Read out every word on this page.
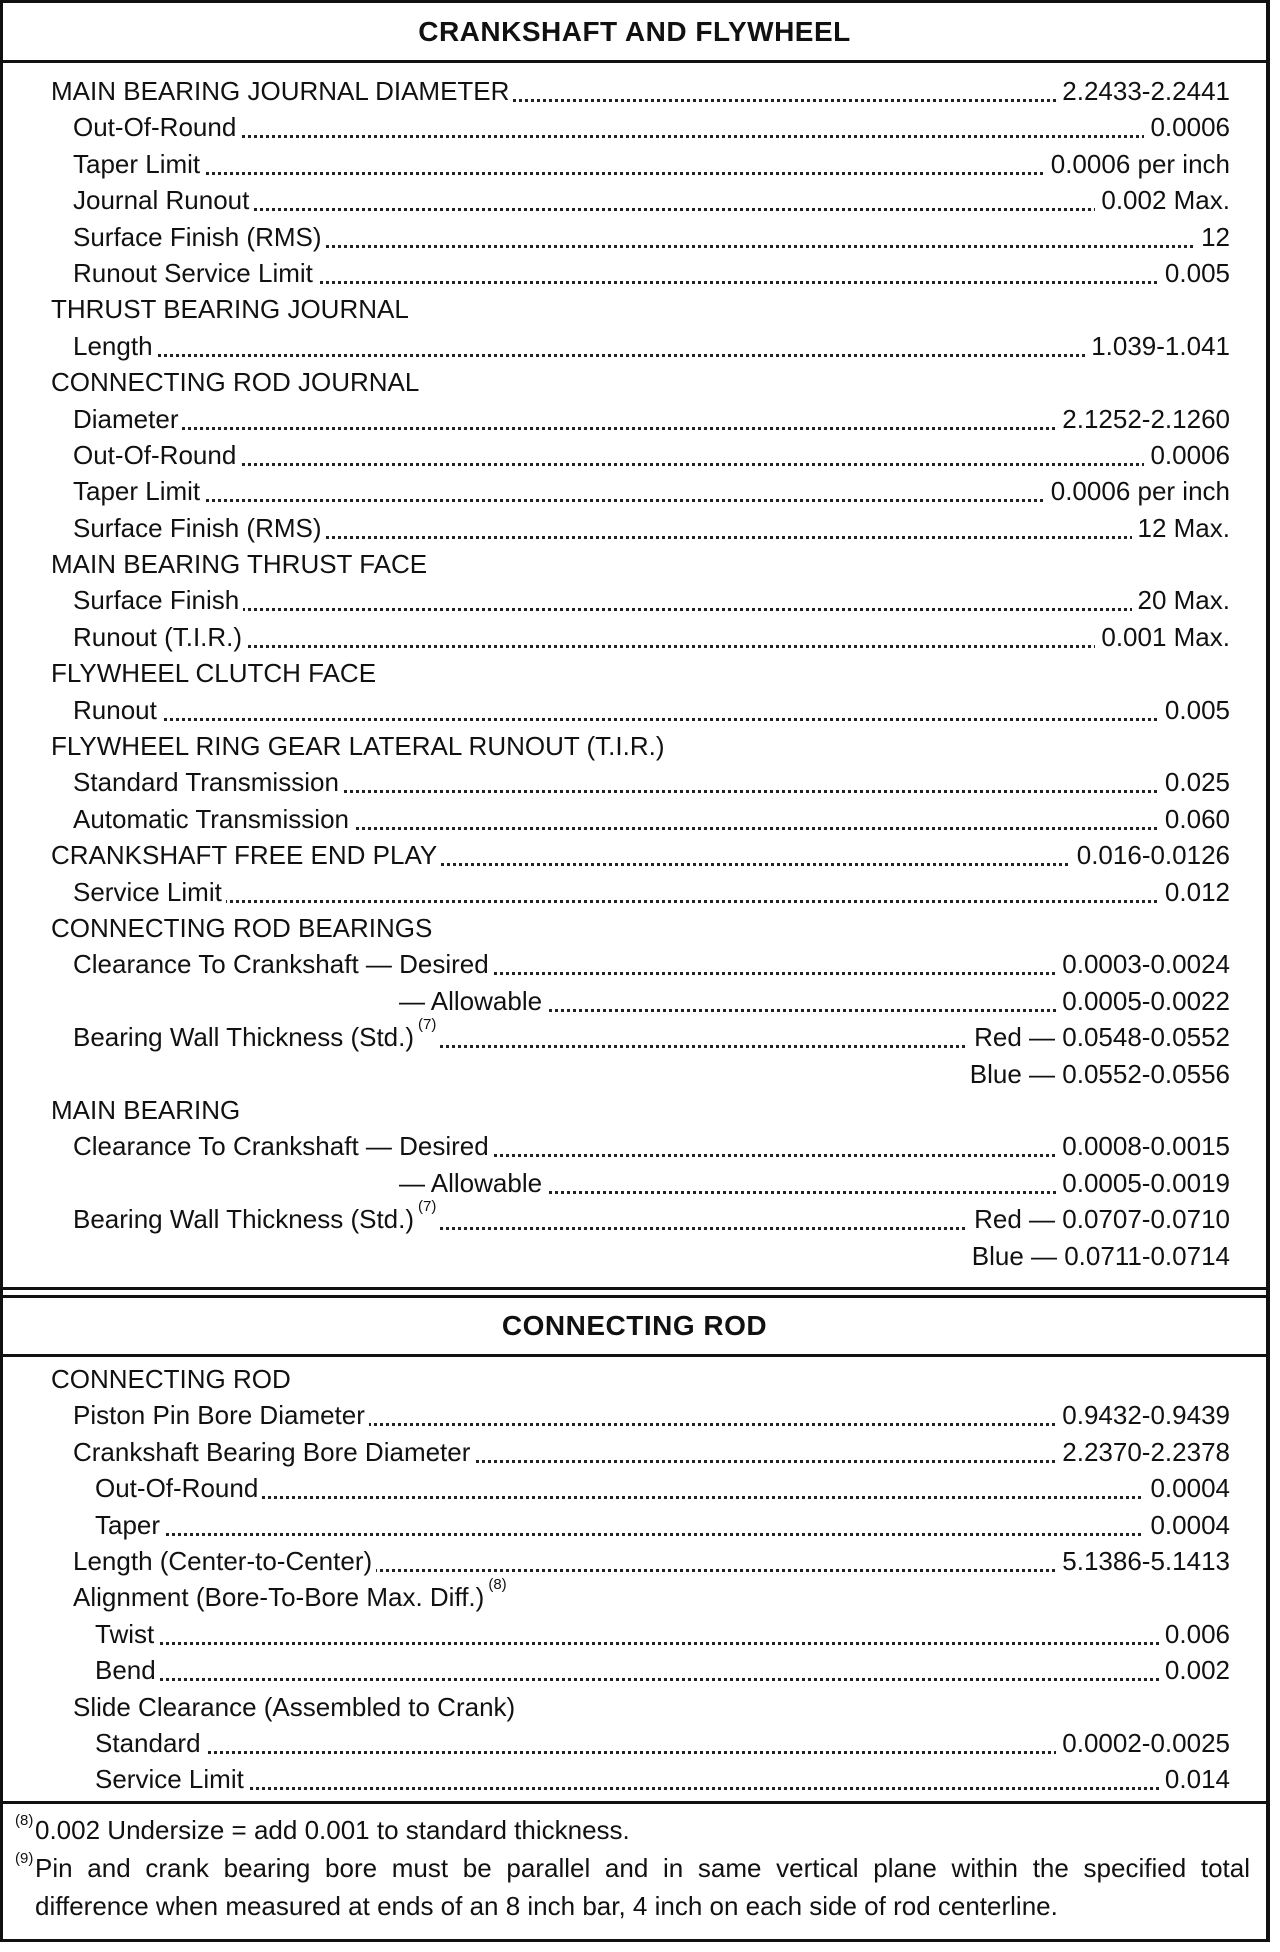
CRANKSHAFT AND FLYWHEEL
MAIN BEARING JOURNAL DIAMETER	2.2433-2.2441
Out-Of-Round	0.0006
Taper Limit	0.0006 per inch
Journal Runout	0.002 Max.
Surface Finish (RMS)	12
Runout Service Limit	0.005
THRUST BEARING JOURNAL
Length	1.039-1.041
CONNECTING ROD JOURNAL
Diameter	2.1252-2.1260
Out-Of-Round	0.0006
Taper Limit	0.0006 per inch
Surface Finish (RMS)	12 Max.
MAIN BEARING THRUST FACE
Surface Finish	20 Max.
Runout (T.I.R.)	0.001 Max.
FLYWHEEL CLUTCH FACE
Runout	0.005
FLYWHEEL RING GEAR LATERAL RUNOUT (T.I.R.)
Standard Transmission	0.025
Automatic Transmission	0.060
CRANKSHAFT FREE END PLAY	0.016-0.0126
Service Limit	0.012
CONNECTING ROD BEARINGS
Clearance To Crankshaft — Desired	0.0003-0.0024
— Allowable	0.0005-0.0022
Bearing Wall Thickness (Std.) $^{(7)}$	Red — 0.0548-0.0552
Blue — 0.0552-0.0556
MAIN BEARING
Clearance To Crankshaft — Desired	0.0008-0.0015
— Allowable	0.0005-0.0019
Bearing Wall Thickness (Std.) $^{(7)}$	Red — 0.0707-0.0710
Blue — 0.0711-0.0714
CONNECTING ROD
CONNECTING ROD
Piston Pin Bore Diameter	0.9432-0.9439
Crankshaft Bearing Bore Diameter	2.2370-2.2378
Out-Of-Round	0.0004
Taper	0.0004
Length (Center-to-Center)	5.1386-5.1413
Alignment (Bore-To-Bore Max. Diff.) $^{(8)}$
Twist	0.006
Bend	0.002
Slide Clearance (Assembled to Crank)
Standard	0.0002-0.0025
Service Limit	0.014
(8) 0.002 Undersize = add 0.001 to standard thickness.
(9) Pin and crank bearing bore must be parallel and in same vertical plane within the specified total difference when measured at ends of an 8 inch bar, 4 inch on each side of rod centerline.
